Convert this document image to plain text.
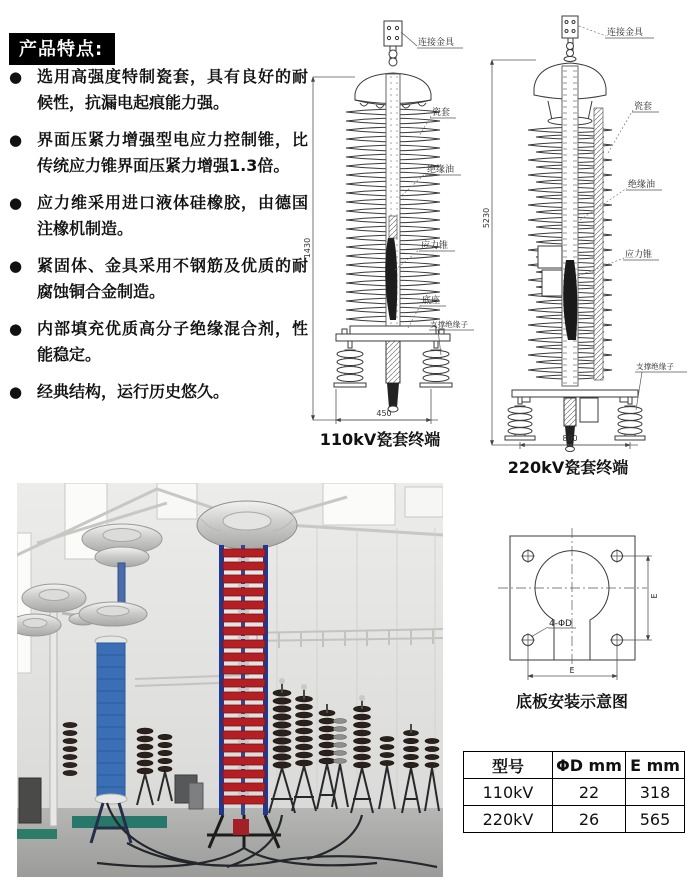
产品特点:
● 选用高强度特制瓷套，具有良好的耐候性，抗漏电起痕能力强。
● 界面压紧力增强型电应力控制锥，比传统应力锥界面压紧力增强1.3倍。
● 应力维采用进口液体硅橡胶，由德国注橡机制造。
● 紧固体、金具采用不钢筋及优质的耐腐蚀铜合金制造。
● 内部填充优质高分子绝缘混合剂，性能稳定。
● 经典结构，运行历史悠久。
1430
450
连接金具
瓷套
绝缘油
应力锥
底座
支撑绝缘子
110kV瓷套终端
5230
800
连接金具
瓷套
绝缘油
应力锥
支撑绝缘子
220kV瓷套终端
4-ΦD
E
E
底板安装示意图
型号	ΦD mm	E mm
110kV	22	318
220kV	26	565
